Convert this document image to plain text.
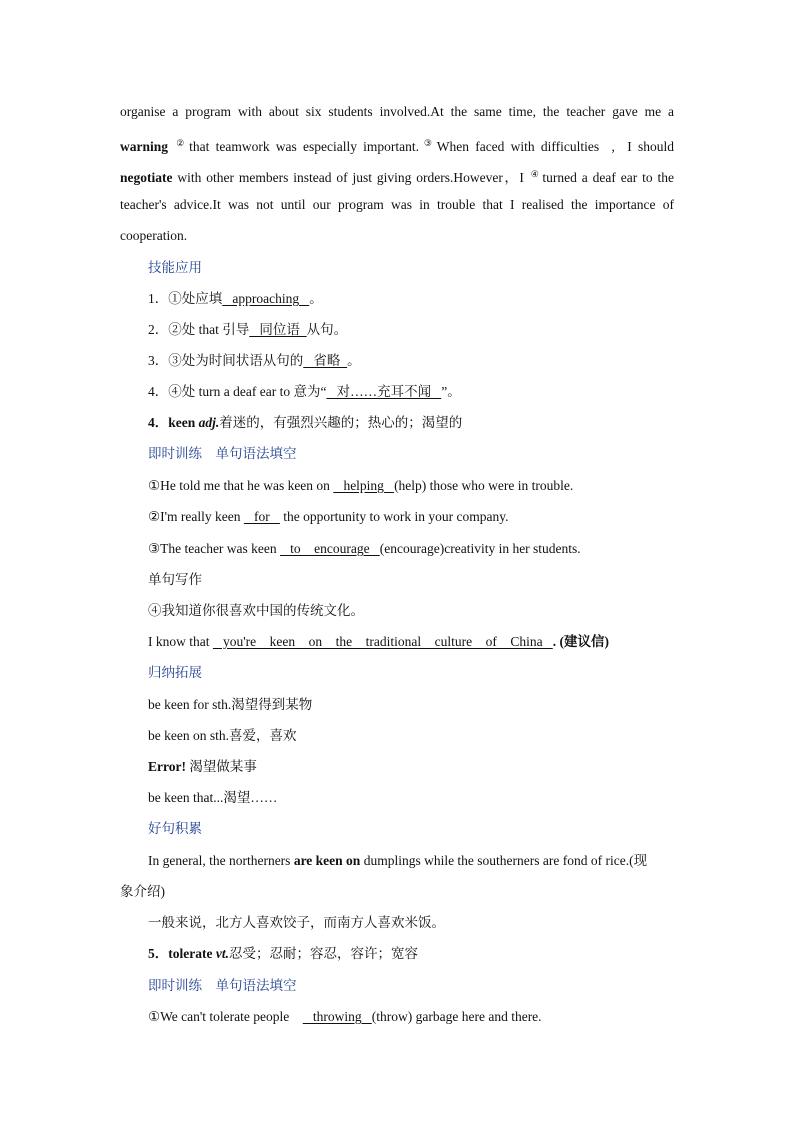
organise a program with about six students involved.At the same time, the teacher gave me a
warning ② that teamwork was especially important. ③ When faced with difficulties  ,  I should
negotiate with other members instead of just giving orders.However，I ④ turned a deaf ear to the
teacher's advice.It was not until our program was in trouble that I realised the importance of
cooperation.
技能应用
1．①处应填   approaching   。
2．②处 that 引导   同位语  从句。
3．③处为时间状语从句的   省略  。
4．④处 turn a deaf ear to 意为“   对……充耳不闻   ”。
4．keen adj.着迷的，有强烈兴趣的；热心的；渴望的
即时训练　单句语法填空
①He told me that he was keen on    helping   (help) those who were in trouble.
②I'm really keen    for    the opportunity to work in your company.
③The teacher was keen    to    encourage   (encourage)creativity in her students.
单句写作
④我知道你很喜欢中国的传统文化。
I know that    you're    keen    on    the    traditional    culture    of    China   . (建议信)
归纳拓展
be keen for sth.渴望得到某物
be keen on sth.喜爱，喜欢
Error! 渴望做某事
be keen that...渴望……
好句积累
In general, the northerners are keen on dumplings while the southerners are fond of rice.(现
象介绍)
一般来说，北方人喜欢饺子，而南方人喜欢米饭。
5．tolerate vt.忍受；忍耐；容忍，容许；宽容
即时训练　单句语法填空
①We can't tolerate people       throwing   (throw) garbage here and there.
